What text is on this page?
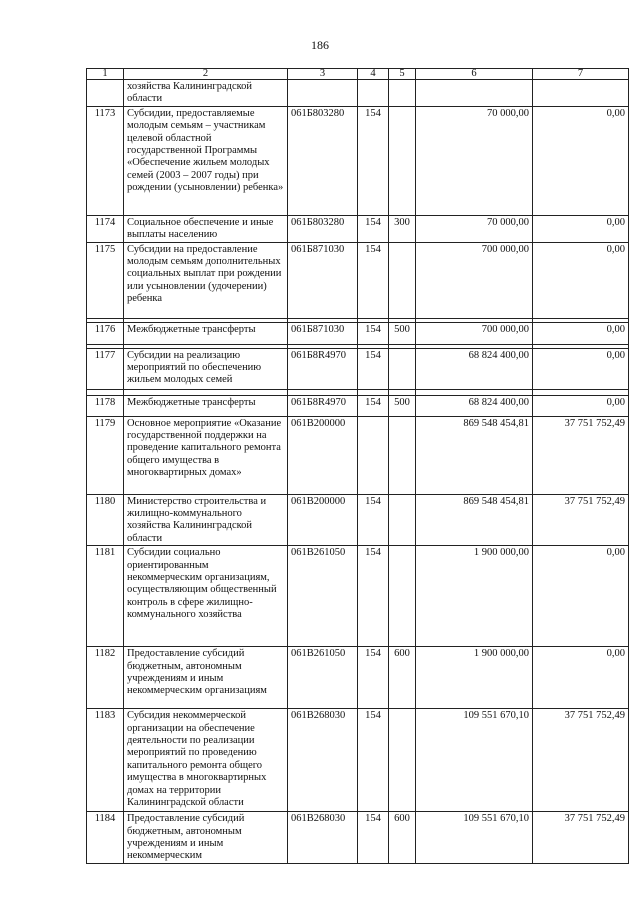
186
1	2	3	4	5	6	7
	хозяйства Калининградской области					
1173	Субсидии, предоставляемые молодым семьям – участникам целевой областной государственной Программы «Обеспечение жильем молодых семей (2003 – 2007 годы) при рождении (усыновлении) ребенка»	061Б803280	154		70 000,00	0,00
1174	Социальное обеспечение и иные выплаты населению	061Б803280	154	300	70 000,00	0,00
1175	Субсидии на предоставление молодым семьям дополнительных социальных выплат при рождении или усыновлении (удочерении) ребенка	061Б871030	154		700 000,00	0,00

1176	Межбюджетные трансферты	061Б871030	154	500	700 000,00	0,00

1177	Субсидии на реализацию мероприятий по обеспечению жильем молодых семей	061Б8R4970	154		68 824 400,00	0,00

1178	Межбюджетные трансферты	061Б8R4970	154	500	68 824 400,00	0,00
1179	Основное мероприятие «Оказание государственной поддержки на проведение капитального ремонта общего имущества в многоквартирных домах»	061В200000			869 548 454,81	37 751 752,49
1180	Министерство строительства и жилищно-коммунального хозяйства Калининградской области	061В200000	154		869 548 454,81	37 751 752,49
1181	Субсидии социально ориентированным некоммерческим организациям, осуществляющим общественный контроль в сфере жилищно-коммунального хозяйства	061В261050	154		1 900 000,00	0,00
1182	Предоставление субсидий бюджетным, автономным учреждениям и иным некоммерческим организациям	061В261050	154	600	1 900 000,00	0,00
1183	Субсидия некоммерческой организации на обеспечение деятельности по реализации мероприятий по проведению капитального ремонта общего имущества в многоквартирных домах на территории Калининградской области	061В268030	154		109 551 670,10	37 751 752,49
1184	Предоставление субсидий бюджетным, автономным учреждениям и иным некоммерческим	061В268030	154	600	109 551 670,10	37 751 752,49
